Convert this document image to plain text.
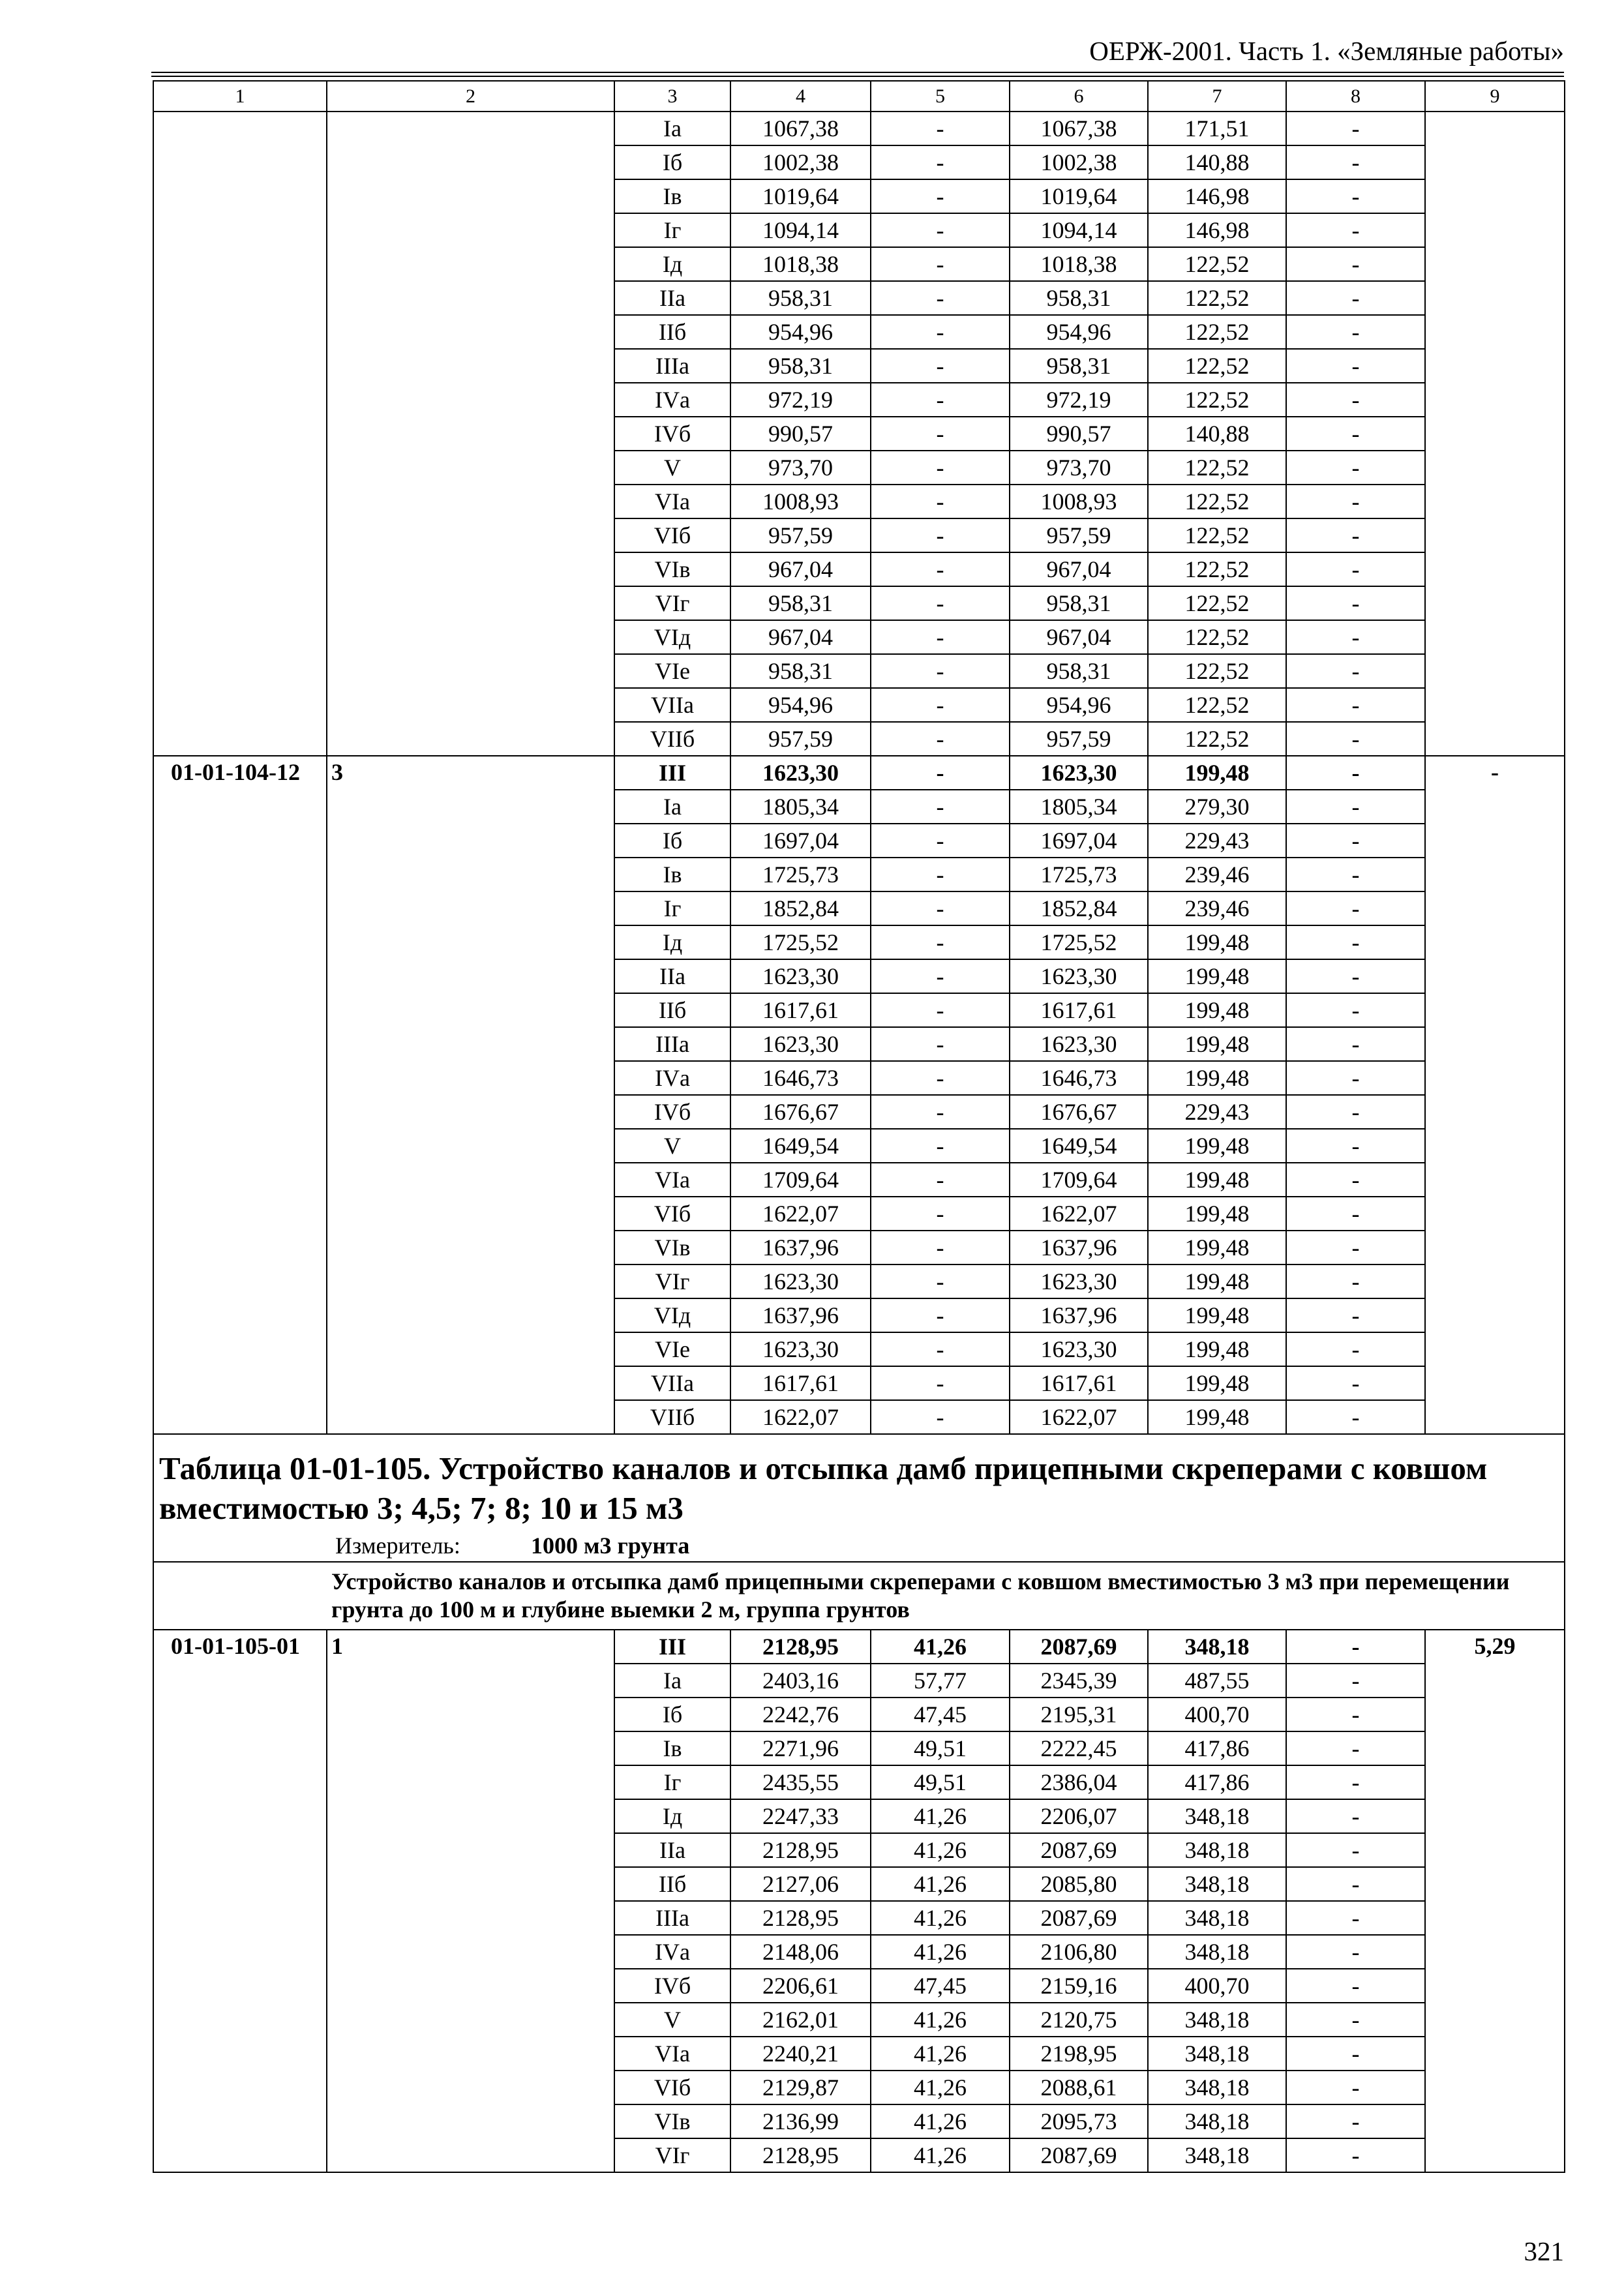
ОЕРЖ-2001. Часть 1. «Земляные работы»
1	2	3	4	5	6	7	8	9
		Iа	1067,38	-	1067,38	171,51	-	
		Iб	1002,38	-	1002,38	140,88	-	
		Iв	1019,64	-	1019,64	146,98	-	
		Iг	1094,14	-	1094,14	146,98	-	
		Iд	1018,38	-	1018,38	122,52	-	
		IIа	958,31	-	958,31	122,52	-	
		IIб	954,96	-	954,96	122,52	-	
		IIIа	958,31	-	958,31	122,52	-	
		IVа	972,19	-	972,19	122,52	-	
		IVб	990,57	-	990,57	140,88	-	
		V	973,70	-	973,70	122,52	-	
		VIа	1008,93	-	1008,93	122,52	-	
		VIб	957,59	-	957,59	122,52	-	
		VIв	967,04	-	967,04	122,52	-	
		VIг	958,31	-	958,31	122,52	-	
		VIд	967,04	-	967,04	122,52	-	
		VIе	958,31	-	958,31	122,52	-	
		VIIа	954,96	-	954,96	122,52	-	
		VIIб	957,59	-	957,59	122,52	-	
01-01-104-12	3	III	1623,30	-	1623,30	199,48	-	-
		Iа	1805,34	-	1805,34	279,30	-	
		Iб	1697,04	-	1697,04	229,43	-	
		Iв	1725,73	-	1725,73	239,46	-	
		Iг	1852,84	-	1852,84	239,46	-	
		Iд	1725,52	-	1725,52	199,48	-	
		IIа	1623,30	-	1623,30	199,48	-	
		IIб	1617,61	-	1617,61	199,48	-	
		IIIа	1623,30	-	1623,30	199,48	-	
		IVа	1646,73	-	1646,73	199,48	-	
		IVб	1676,67	-	1676,67	229,43	-	
		V	1649,54	-	1649,54	199,48	-	
		VIа	1709,64	-	1709,64	199,48	-	
		VIб	1622,07	-	1622,07	199,48	-	
		VIв	1637,96	-	1637,96	199,48	-	
		VIг	1623,30	-	1623,30	199,48	-	
		VIд	1637,96	-	1637,96	199,48	-	
		VIе	1623,30	-	1623,30	199,48	-	
		VIIа	1617,61	-	1617,61	199,48	-	
		VIIб	1622,07	-	1622,07	199,48	-	

Таблица 01-01-105. Устройство каналов и отсыпка дамб прицепными скреперами с ковшом вместимостью 3; 4,5; 7; 8; 10 и 15 м3
Измеритель: 1000 м3 грунта								

Устройство каналов и отсыпка дамб прицепными скреперами с ковшом вместимостью 3 м3 при перемещении грунта до 100 м и глубине выемки 2 м, группа грунтов								
01-01-105-01	1	III	2128,95	41,26	2087,69	348,18	-	5,29
		Iа	2403,16	57,77	2345,39	487,55	-	
		Iб	2242,76	47,45	2195,31	400,70	-	
		Iв	2271,96	49,51	2222,45	417,86	-	
		Iг	2435,55	49,51	2386,04	417,86	-	
		Iд	2247,33	41,26	2206,07	348,18	-	
		IIа	2128,95	41,26	2087,69	348,18	-	
		IIб	2127,06	41,26	2085,80	348,18	-	
		IIIа	2128,95	41,26	2087,69	348,18	-	
		IVа	2148,06	41,26	2106,80	348,18	-	
		IVб	2206,61	47,45	2159,16	400,70	-	
		V	2162,01	41,26	2120,75	348,18	-	
		VIа	2240,21	41,26	2198,95	348,18	-	
		VIб	2129,87	41,26	2088,61	348,18	-	
		VIв	2136,99	41,26	2095,73	348,18	-	
		VIг	2128,95	41,26	2087,69	348,18	-	
321
